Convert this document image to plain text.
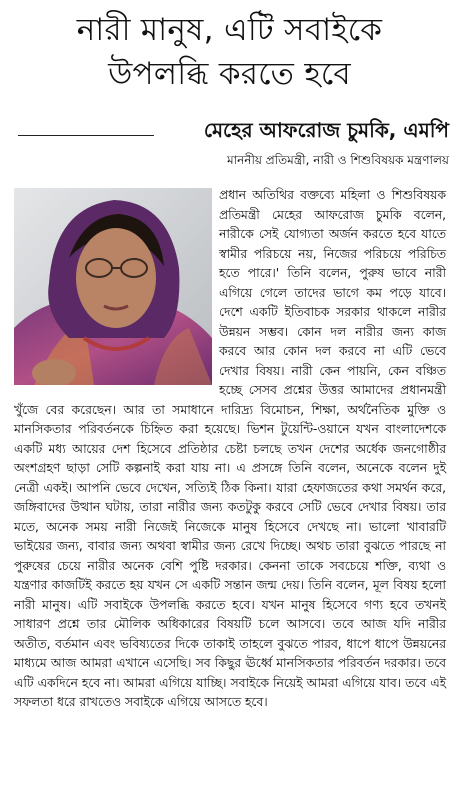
নারী মানুষ, এটি সবাইকে
উপলব্ধি করতে হবে
মেহের আফরোজ চুমকি, এমপি
মাননীয় প্রতিমন্ত্রী, নারী ও শিশুবিষয়ক মন্ত্রণালয়

প্রধান অতিথির বক্তব্যে মহিলা ও শিশুবিষয়ক প্রতিমন্ত্রী মেহের আফরোজ চুমকি বলেন, নারীকে সেই যোগ্যতা অর্জন করতে হবে যাতে স্বামীর পরিচয়ে নয়, নিজের পরিচয়ে পরিচিত হতে পারে।' তিনি বলেন, পুরুষ ভাবে নারী এগিয়ে গেলে তাদের ভাগে কম পড়ে যাবে। দেশে একটি ইতিবাচক সরকার থাকলে নারীর উন্নয়ন সম্ভব। কোন দল নারীর জন্য কাজ করবে আর কোন দল করবে না এটি ভেবে দেখার বিষয়। নারী কেন পায়নি, কেন বঞ্চিত হচ্ছে সেসব প্রশ্নের উত্তর আমাদের প্রধানমন্ত্রী খুঁজে বের করেছেন। আর তা সমাধানে দারিদ্র্য বিমোচন, শিক্ষা, অর্থনৈতিক মুক্তি ও মানসিকতার পরিবর্তনকে চিহ্নিত করা হয়েছে। ভিশন টুয়েন্টি-ওয়ানে যখন বাংলাদেশকে একটি মধ্য আয়ের দেশ হিসেবে প্রতিষ্ঠার চেষ্টা চলছে তখন দেশের অর্ধেক জনগোষ্ঠীর অংশগ্রহণ ছাড়া সেটি কল্পনাই করা যায় না। এ প্রসঙ্গে তিনি বলেন, অনেকে বলেন দুই নেত্রী একই। আপনি ভেবে দেখেন, সত্যিই ঠিক কিনা। যারা হেফাজতের কথা সমর্থন করে, জঙ্গিবাদের উত্থান ঘটায়, তারা নারীর জন্য কতটুকু করবে সেটি ভেবে দেখার বিষয়। তার মতে, অনেক সময় নারী নিজেই নিজেকে মানুষ হিসেবে দেখছে না। ভালো খাবারটি ভাইয়ের জন্য, বাবার জন্য অথবা স্বামীর জন্য রেখে দিচ্ছে। অথচ তারা বুঝতে পারছে না পুরুষের চেয়ে নারীর অনেক বেশি পুষ্টি দরকার। কেননা তাকে সবচেয়ে শক্তি, ব্যথা ও যন্ত্রণার কাজটিই করতে হয় যখন সে একটি সন্তান জন্ম দেয়। তিনি বলেন, মূল বিষয় হলো নারী মানুষ। এটি সবাইকে উপলব্ধি করতে হবে। যখন মানুষ হিসেবে গণ্য হবে তখনই সাধারণ প্রশ্নে তার মৌলিক অধিকারের বিষয়টি চলে আসবে। তবে আজ যদি নারীর অতীত, বর্তমান এবং ভবিষ্যতের দিকে তাকাই তাহলে বুঝতে পারব, ধাপে ধাপে উন্নয়নের মাধ্যমে আজ আমরা এখানে এসেছি। সব কিছুর ঊর্ধ্বে মানসিকতার পরিবর্তন দরকার। তবে এটি একদিনে হবে না। আমরা এগিয়ে যাচ্ছি। সবাইকে নিয়েই আমরা এগিয়ে যাব। তবে এই সফলতা ধরে রাখতেও সবাইকে এগিয়ে আসতে হবে।
